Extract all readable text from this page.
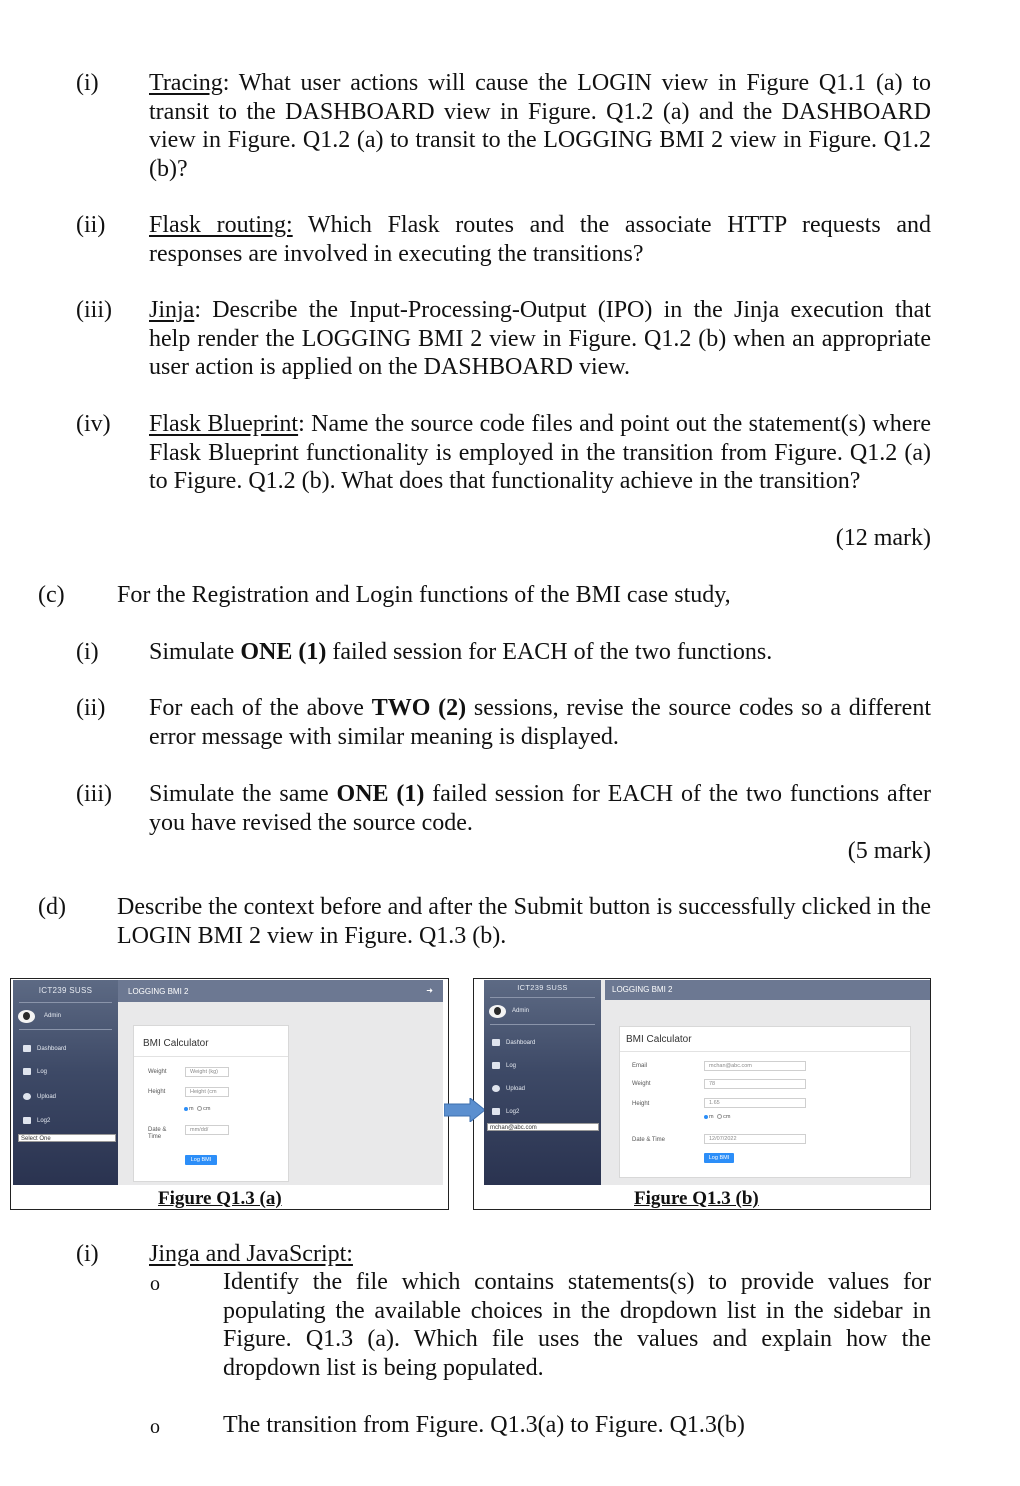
(i) Tracing: What user actions will cause the LOGIN view in Figure Q1.1 (a) to transit to the DASHBOARD view in Figure. Q1.2 (a) and the DASHBOARD view in Figure. Q1.2 (a) to transit to the LOGGING BMI 2 view in Figure. Q1.2 (b)?
(ii) Flask routing: Which Flask routes and the associate HTTP requests and responses are involved in executing the transitions?
(iii) Jinja: Describe the Input-Processing-Output (IPO) in the Jinja execution that help render the LOGGING BMI 2 view in Figure. Q1.2 (b) when an appropriate user action is applied on the DASHBOARD view.
(iv) Flask Blueprint: Name the source code files and point out the statement(s) where Flask Blueprint functionality is employed in the transition from Figure. Q1.2 (a) to Figure. Q1.2 (b). What does that functionality achieve in the transition?
(12 mark)
(c) For the Registration and Login functions of the BMI case study,
(i) Simulate ONE (1) failed session for EACH of the two functions.
(ii) For each of the above TWO (2) sessions, revise the source codes so a different error message with similar meaning is displayed.
(iii) Simulate the same ONE (1) failed session for EACH of the two functions after you have revised the source code.
(5 mark)
(d) Describe the context before and after the Submit button is successfully clicked in the LOGIN BMI 2 view in Figure. Q1.3 (b).
ICT239 SUSS
Admin
Dashboard
Log
Upload
Log2
Select One
LOGGING BMI 2	➜
BMI Calculator
Weight	Weight (kg)
Height	Height (cm
m cm
Date & Time
mm/dd/
Log BMI
ICT239 SUSS
Admin
Dashboard
Log
Upload
Log2
mchan@abc.com
LOGGING BMI 2
BMI Calculator
Email	mchan@abc.com
Weight	78
Height	1.65
m cm
Date & Time	12/07/2022
Log BMI
Figure Q1.3 (a)	Figure Q1.3 (b)
(i) Jinga and JavaScript:
o	Identify the file which contains statements(s) to provide values for populating the available choices in the dropdown list in the sidebar in Figure. Q1.3 (a). Which file uses the values and explain how the dropdown list is being populated.
o	The transition from Figure. Q1.3(a) to Figure. Q1.3(b)
